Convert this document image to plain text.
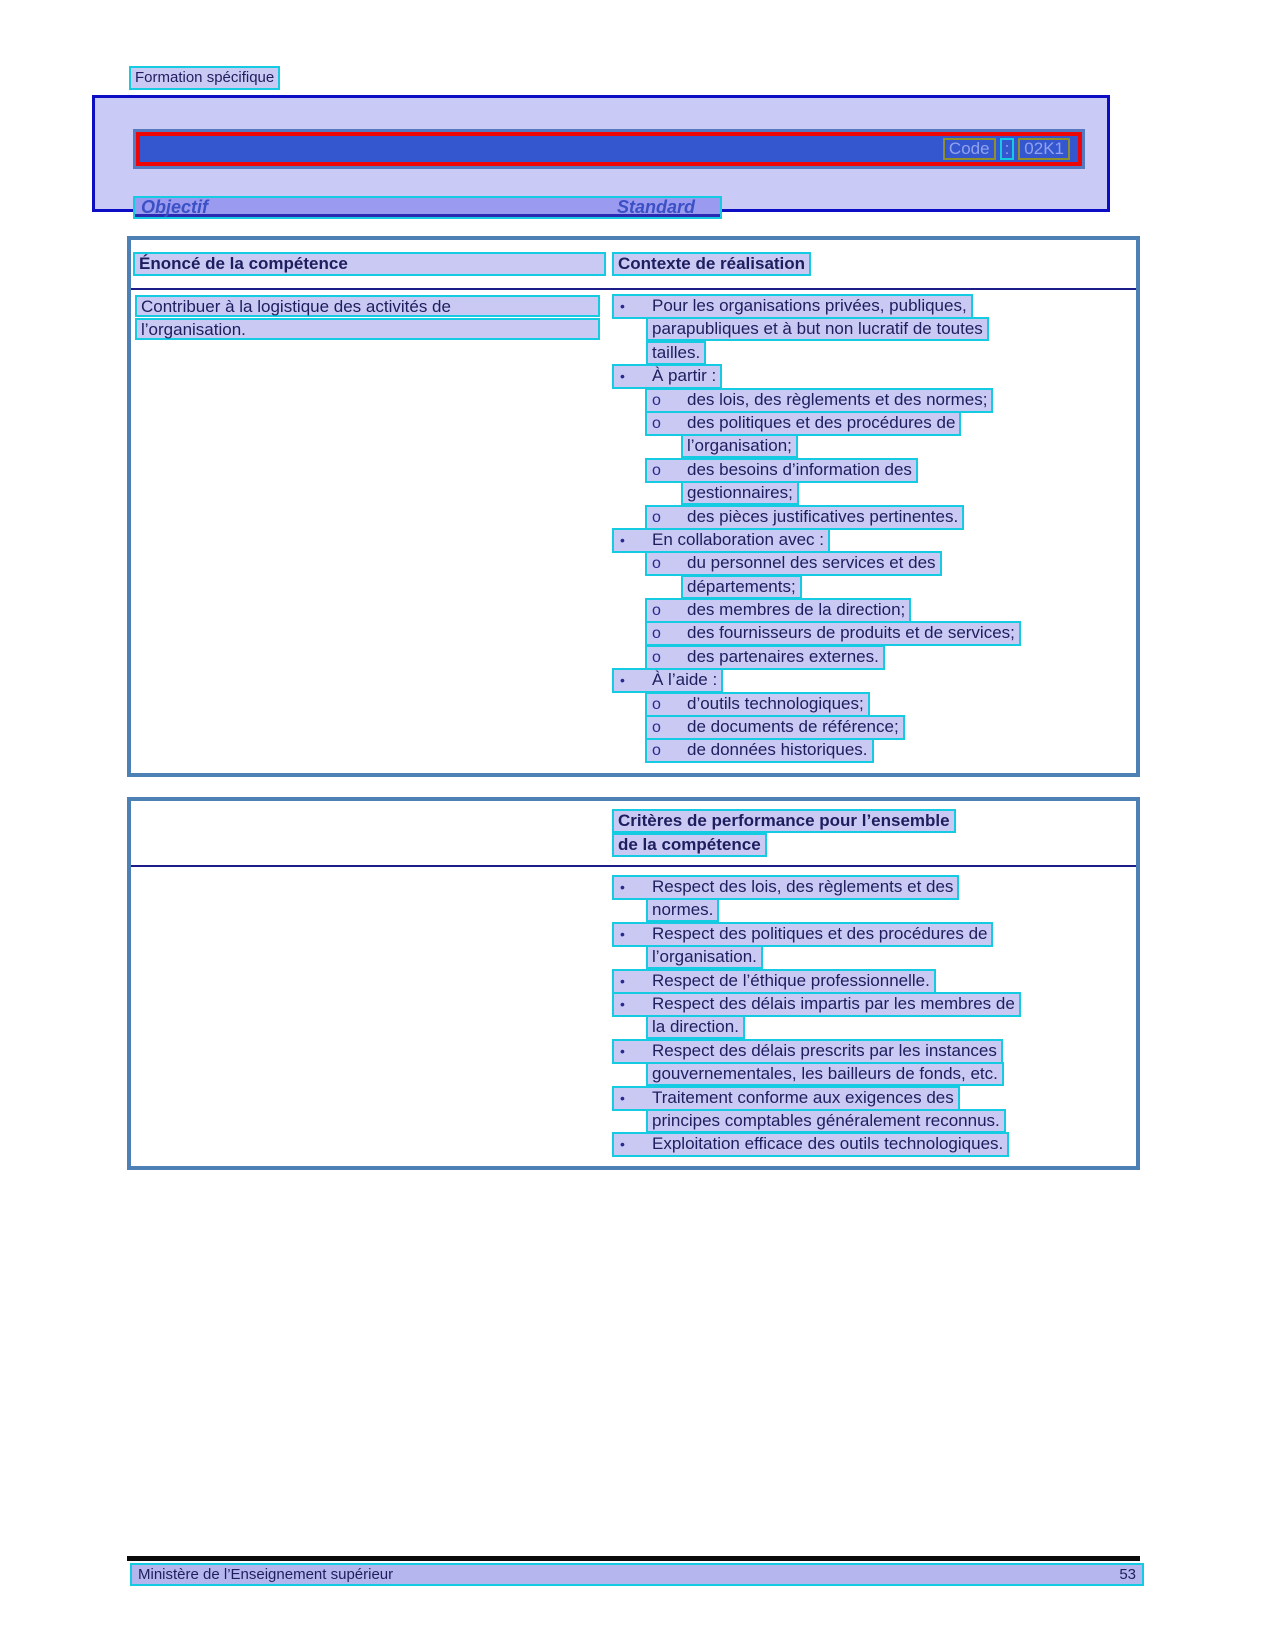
Formation spécifique
Code : 02K1
Objectif	Standard
Énoncé de la compétence	Contexte de réalisation
Contribuer à la logistique des activités de
l’organisation.
• Pour les organisations privées, publiques,
parapubliques et à but non lucratif de toutes
tailles.
• À partir :
o des lois, des règlements et des normes;
o des politiques et des procédures de
l’organisation;
o des besoins d’information des
gestionnaires;
o des pièces justificatives pertinentes.
• En collaboration avec :
o du personnel des services et des
départements;
o des membres de la direction;
o des fournisseurs de produits et de services;
o des partenaires externes.
• À l’aide :
o d’outils technologiques;
o de documents de référence;
o de données historiques.
Critères de performance pour l’ensemble
de la compétence
• Respect des lois, des règlements et des
normes.
• Respect des politiques et des procédures de
l’organisation.
• Respect de l’éthique professionnelle.
• Respect des délais impartis par les membres de
la direction.
• Respect des délais prescrits par les instances
gouvernementales, les bailleurs de fonds, etc.
• Traitement conforme aux exigences des
principes comptables généralement reconnus.
• Exploitation efficace des outils technologiques.
Ministère de l’Enseignement supérieur	53
